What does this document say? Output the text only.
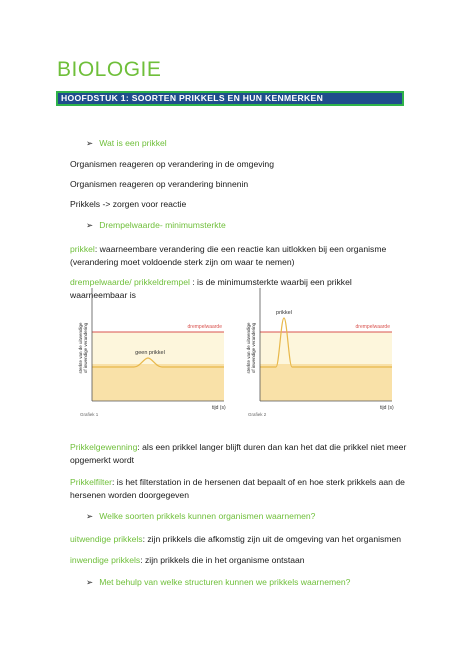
BIOLOGIE
HOOFDSTUK 1: SOORTEN PRIKKELS EN HUN KENMERKEN
➢ Wat is een prikkel
Organismen reageren op verandering in de omgeving
Organismen reageren op verandering binnenin
Prikkels -> zorgen voor reactie
➢ Drempelwaarde- minimumsterkte
prikkel: waarneembare verandering die een reactie kan uitlokken bij een organisme
(verandering moet voldoende sterk zijn om waar te nemen)
drempelwaarde/ prikkeldrempel : is de minimumsterkte waarbij een prikkel
waarneembaar is
drempelwaarde
geen prikkel
tijd (s)
Grafiek 1
sterkte van de uitwendige of inwendige verandering	drempelwaarde
prikkel
tijd (s)
Grafiek 2
sterkte van de uitwendige of inwendige verandering
Prikkelgewenning: als een prikkel langer blijft duren dan kan het dat die prikkel niet meer
opgemerkt wordt
Prikkelfilter: is het filterstation in de hersenen dat bepaalt of en hoe sterk prikkels aan de
hersenen worden doorgegeven
➢ Welke soorten prikkels kunnen organismen waarnemen?
uitwendige prikkels: zijn prikkels die afkomstig zijn uit de omgeving van het organismen
inwendige prikkels: zijn prikkels die in het organisme ontstaan
➢ Met behulp van welke structuren kunnen we prikkels waarnemen?
